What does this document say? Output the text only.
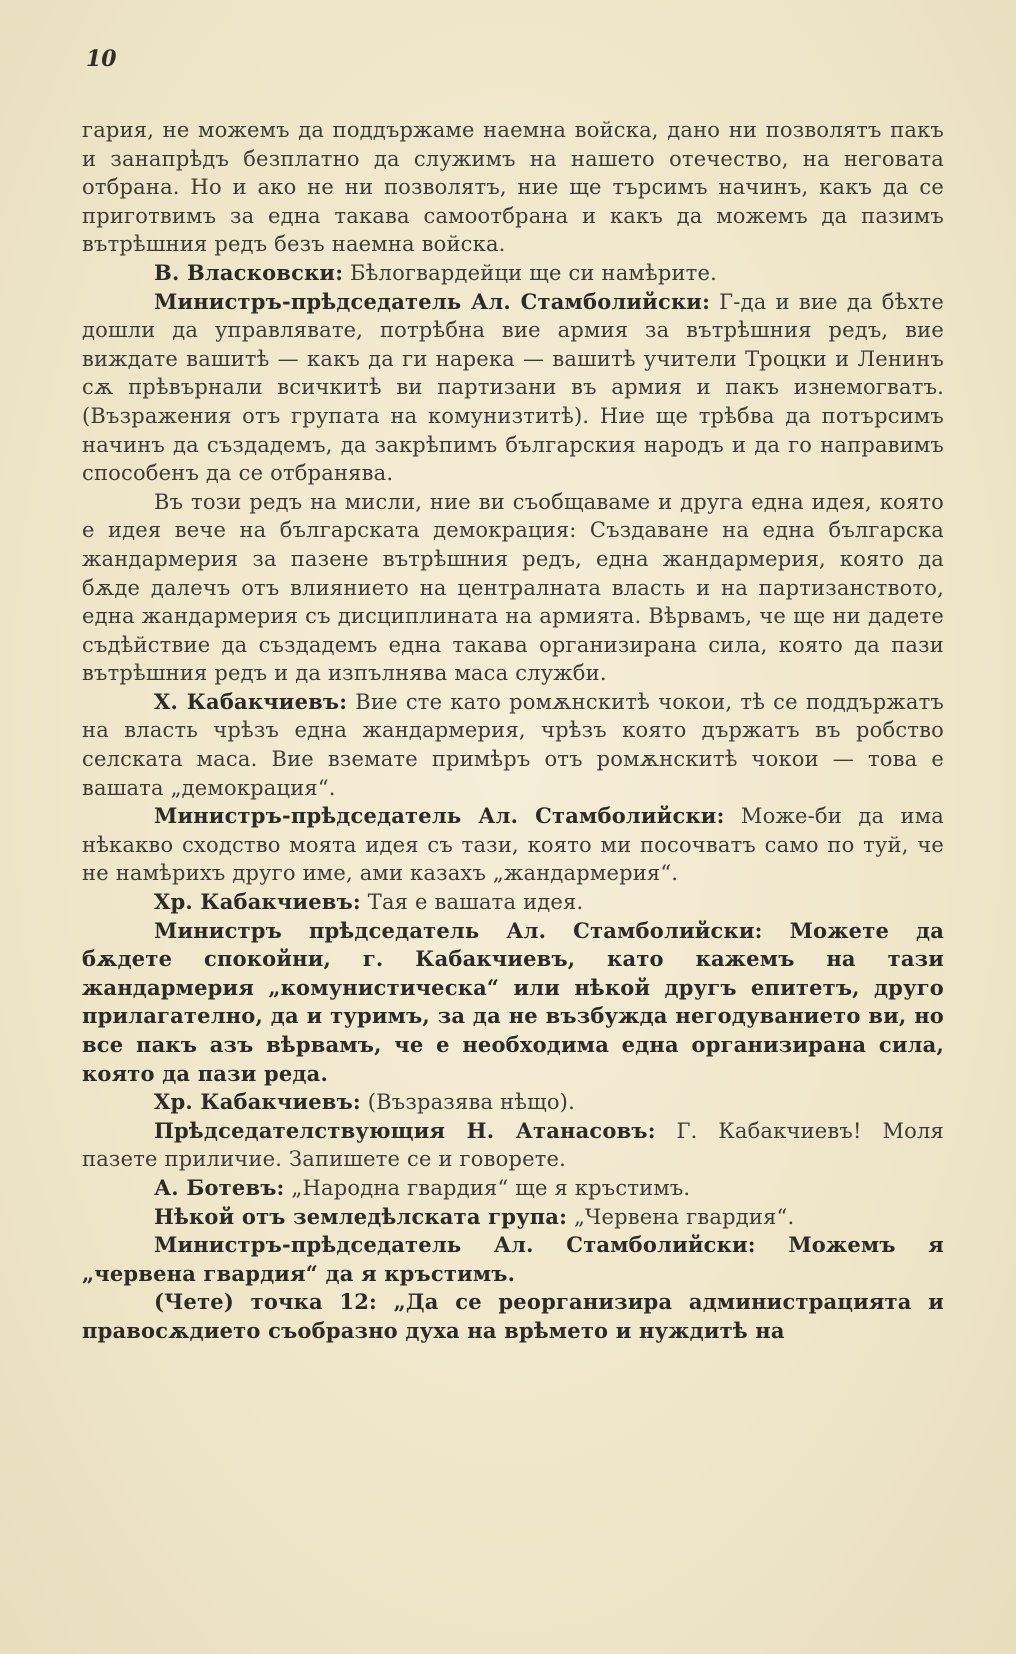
10

гария, не можемъ да поддържаме наемна войска, дано ни позволятъ пакъ и занапрѣдъ безплатно да служимъ на нашето отечество, на неговата отбрана. Но и ако не ни позволятъ, ние ще търсимъ начинъ, какъ да се приготвимъ за една такава самоотбрана и какъ да можемъ да пазимъ вътрѣшния редъ безъ наемна войска.

В. Власковски: Бѣлогвардейци ще си намѣрите.

Министръ-прѣдседатель Ал. Стамболийски: Г-да и вие да бѣхте дошли да управлявате, потрѣбна вие армия за вътрѣшния редъ, вие виждате вашитѣ — какъ да ги нарека — вашитѣ учители Троцки и Ленинъ сѫ прѣвърнали всичкитѣ ви партизани въ армия и пакъ изнемогватъ. (Възражения отъ групата на комунизтитѣ). Ние ще трѣбва да потърсимъ начинъ да създадемъ, да закрѣпимъ българския народъ и да го направимъ способенъ да се отбранява.

Въ този редъ на мисли, ние ви съобщаваме и друга една идея, която е идея вече на българската демокрация: Създаване на една българска жандармерия за пазене вътрѣшния редъ, една жандармерия, която да бѫде далечъ отъ влиянието на централната власть и на партизанството, една жандармерия съ дисциплината на армията. Вѣрвамъ, че ще ни дадете съдѣйствие да създадемъ една такава организирана сила, която да пази вътрѣшния редъ и да изпълнява маса служби.

Х. Кабакчиевъ: Вие сте като ромѫнскитѣ чокои, тѣ се поддържатъ на власть чрѣзъ една жандармерия, чрѣзъ която държатъ въ робство селската маса. Вие вземате примѣръ отъ ромѫнскитѣ чокои — това е вашата „демокрация“.

Министръ-прѣдседатель Ал. Стамболийски: Може-би да има нѣкакво сходство моята идея съ тази, която ми посочватъ само по туй, че не намѣрихъ друго име, ами казахъ „жандармерия“.

Хр. Кабакчиевъ: Тая е вашата идея.

Министръ прѣдседатель Ал. Стамболийски: Можете да бѫдете спокойни, г. Кабакчиевъ, като кажемъ на тази жандармерия „комунистическа“ или нѣкой другъ епитетъ, друго прилагателно, да и туримъ, за да не възбужда негодуванието ви, но все пакъ азъ вѣрвамъ, че е необходима една организирана сила, която да пази реда.

Хр. Кабакчиевъ: (Възразява нѣщо).

Прѣдседателствующия Н. Атанасовъ: Г. Кабакчиевъ! Моля пазете приличие. Запишете се и говорете.

А. Ботевъ: „Народна гвардия“ ще я кръстимъ.

Нѣкой отъ земледѣлската група: „Червена гвардия“.

Министръ-прѣдседатель Ал. Стамболийски: Можемъ я „червена гвардия“ да я кръстимъ.

(Чете) точка 12: „Да се реорганизира администрацията и правосѫдието съобразно духа на врѣмето и нуждитѣ на
